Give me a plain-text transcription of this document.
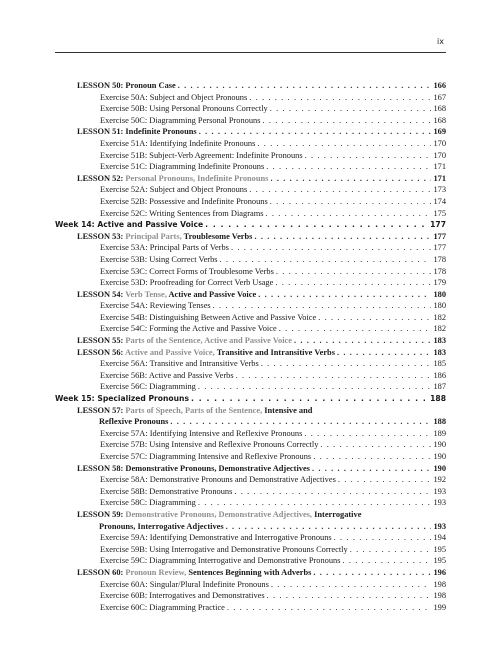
ix
LESSON 50: Pronoun Case . . .	166
Exercise 50A: Subject and Object Pronouns . . .	167
Exercise 50B: Using Personal Pronouns Correctly . . .	168
Exercise 50C: Diagramming Personal Pronouns . . .	168
LESSON 51: Indefinite Pronouns . . .	169
Exercise 51A: Identifying Indefinite Pronouns . . .	170
Exercise 51B: Subject-Verb Agreement: Indefinite Pronouns . . .	170
Exercise 51C: Diagramming Indefinite Pronouns . . .	171
LESSON 52: Personal Pronouns, Indefinite Pronouns . . .	171
Exercise 52A: Subject and Object Pronouns . . .	173
Exercise 52B: Possessive and Indefinite Pronouns . . .	174
Exercise 52C: Writing Sentences from Diagrams . . .	175
Week 14: Active and Passive Voice . . .	177
LESSON 53: Principal Parts, Troublesome Verbs . . .	177
Exercise 53A: Principal Parts of Verbs . . .	177
Exercise 53B: Using Correct Verbs . . .	178
Exercise 53C: Correct Forms of Troublesome Verbs . . .	178
Exercise 53D: Proofreading for Correct Verb Usage . . .	179
LESSON 54: Verb Tense, Active and Passive Voice . . .	180
Exercise 54A: Reviewing Tenses . . .	180
Exercise 54B: Distinguishing Between Active and Passive Voice . . .	182
Exercise 54C: Forming the Active and Passive Voice . . .	182
LESSON 55: Parts of the Sentence, Active and Passive Voice . . .	183
LESSON 56: Active and Passive Voice, Transitive and Intransitive Verbs . . .	183
Exercise 56A: Transitive and Intransitive Verbs . . .	185
Exercise 56B: Active and Passive Verbs . . .	186
Exercise 56C: Diagramming . . .	187
Week 15: Specialized Pronouns . . .	188
LESSON 57: Parts of Speech, Parts of the Sentence, Intensive and
Reflexive Pronouns . . .	188
Exercise 57A: Identifying Intensive and Reflexive Pronouns . . .	189
Exercise 57B: Using Intensive and Reflexive Pronouns Correctly . . .	190
Exercise 57C: Diagramming Intensive and Reflexive Pronouns . . .	190
LESSON 58: Demonstrative Pronouns, Demonstrative Adjectives . . .	190
Exercise 58A: Demonstrative Pronouns and Demonstrative Adjectives . . .	192
Exercise 58B: Demonstrative Pronouns . . .	193
Exercise 58C: Diagramming . . .	193
LESSON 59: Demonstrative Pronouns, Demonstrative Adjectives, Interrogative
Pronouns, Interrogative Adjectives . . .	193
Exercise 59A: Identifying Demonstrative and Interrogative Pronouns . . .	194
Exercise 59B: Using Interrogative and Demonstrative Pronouns Correctly . . .	195
Exercise 59C: Diagramming Interrogative and Demonstrative Pronouns . . .	195
LESSON 60: Pronoun Review, Sentences Beginning with Adverbs . . .	196
Exercise 60A: Singular/Plural Indefinite Pronouns . . .	198
Exercise 60B: Interrogatives and Demonstratives . . .	198
Exercise 60C: Diagramming Practice . . .	199
